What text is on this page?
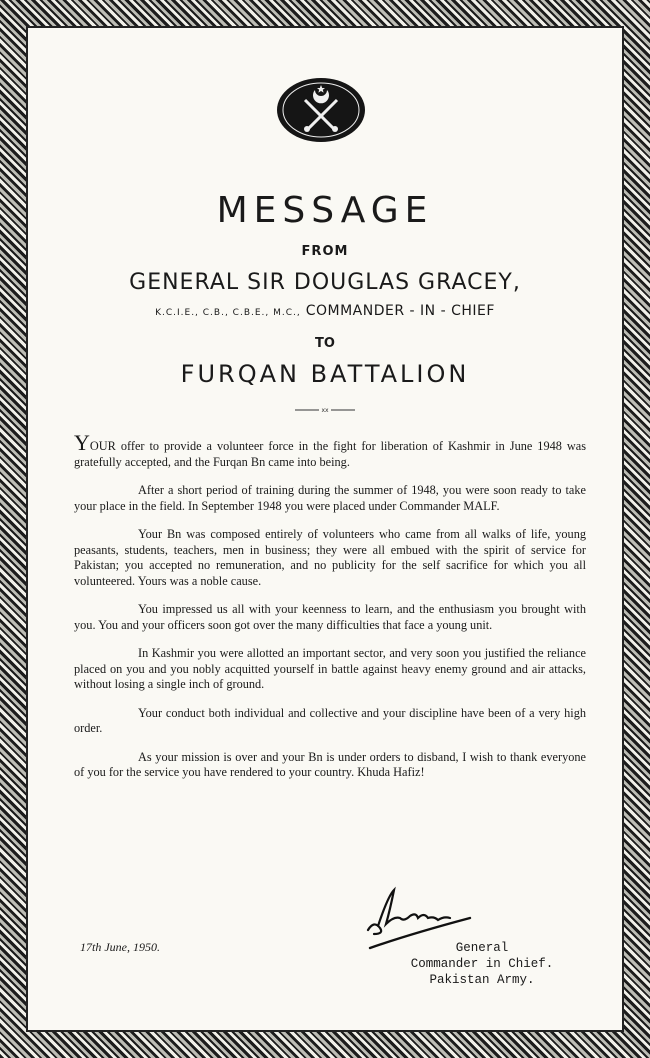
MESSAGE
FROM
GENERAL SIR DOUGLAS GRACEY,
K.C.I.E., C.B., C.B.E., M.C., COMMANDER - IN - CHIEF
TO
FURQAN BATTALION
xx

YOUR offer to provide a volunteer force in the fight for liberation of Kashmir in June 1948 was gratefully accepted, and the Furqan Bn came into being.

After a short period of training during the summer of 1948, you were soon ready to take your place in the field. In September 1948 you were placed under Commander MALF.

Your Bn was composed entirely of volunteers who came from all walks of life, young peasants, students, teachers, men in business; they were all embued with the spirit of service for Pakistan; you accepted no remuneration, and no publicity for the self sacrifice for which you all volunteered. Yours was a noble cause.

You impressed us all with your keenness to learn, and the enthusiasm you brought with you. You and your officers soon got over the many difficulties that face a young unit.

In Kashmir you were allotted an important sector, and very soon you justified the reliance placed on you and you nobly acquitted yourself in battle against heavy enemy ground and air attacks, without losing a single inch of ground.

Your conduct both individual and collective and your discipline have been of a very high order.

As your mission is over and your Bn is under orders to disband, I wish to thank everyone of you for the service you have rendered to your country. Khuda Hafiz!

17th June, 1950.	General
Commander in Chief.
Pakistan Army.
